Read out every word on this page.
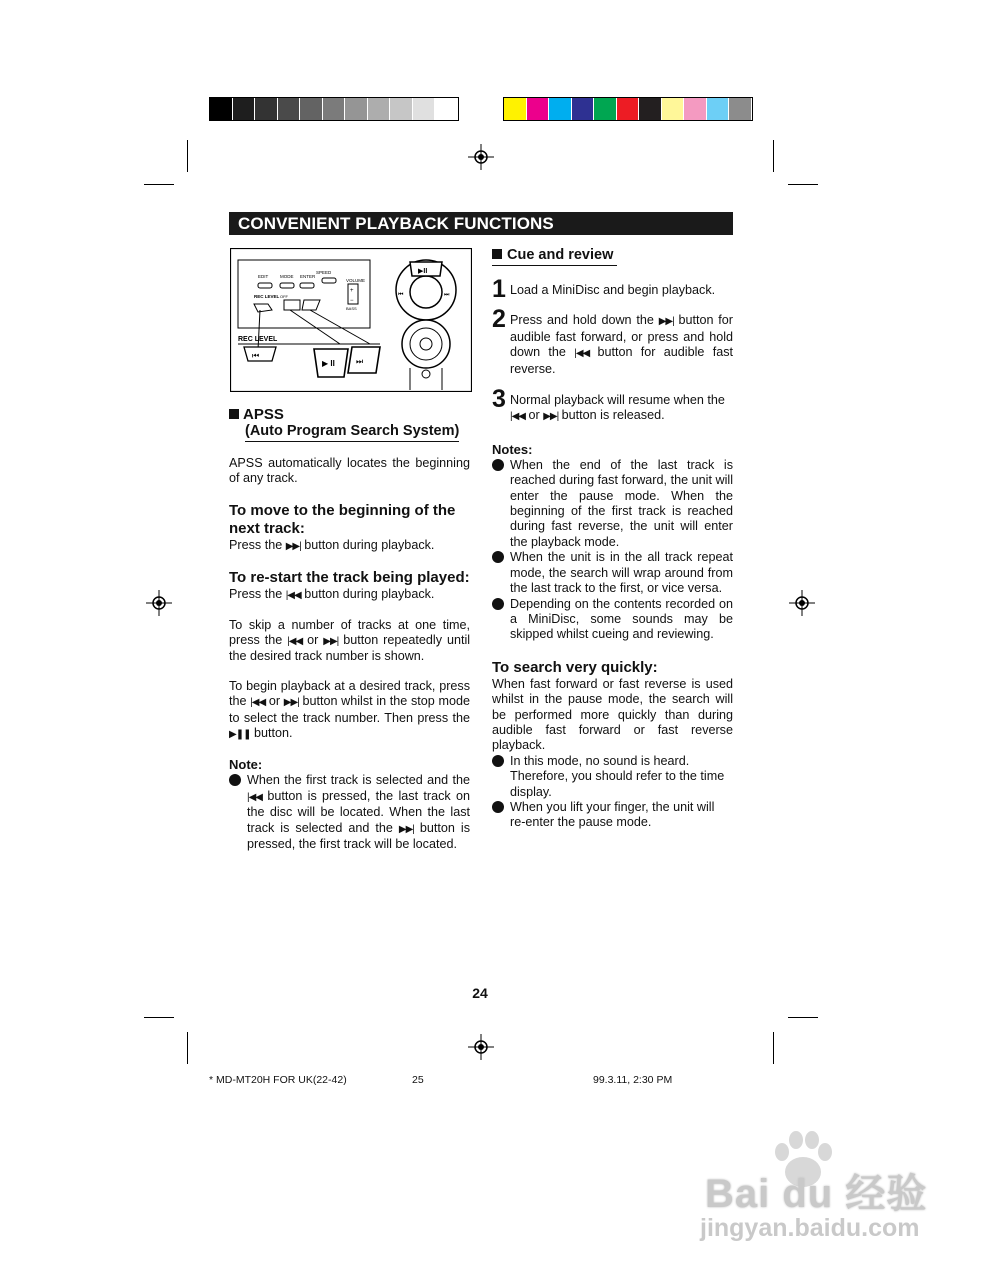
CONVENIENT PLAYBACK FUNCTIONS
EDIT	MODE ENTER
SPEED
VOLUME
REC LEVEL OFF
BASS
+
−
REC LEVEL
⏮
▶ II	⏭
▶II
⏮	⏭
APSS
(Auto Program Search System)
APSS automatically locates the beginning of any track.
To move to the beginning of the next track:
Press the ▶▶| button during playback.
To re-start the track being played:
Press the |◀◀ button during playback.
To skip a number of tracks at one time, press the |◀◀ or ▶▶| button repeatedly until the desired track number is shown.
To begin playback at a desired track, press the |◀◀ or ▶▶| button whilst in the stop mode to select the track number. Then press the ▶❚❚ button.
Note:
When the first track is selected and the |◀◀ button is pressed, the last track on the disc will be located. When the last track is selected and the ▶▶| button is pressed, the first track will be located.
Cue and review
1 Load a MiniDisc and begin playback.
2 Press and hold down the ▶▶| button for audible fast forward, or press and hold down the |◀◀ button for audible fast reverse.
3 Normal playback will resume when the |◀◀ or ▶▶| button is released.
Notes:
When the end of the last track is reached during fast forward, the unit will enter the pause mode. When the beginning of the first track is reached during fast reverse, the unit will enter the playback mode.
When the unit is in the all track repeat mode, the search will wrap around from the last track to the first, or vice versa.
Depending on the contents recorded on a MiniDisc, some sounds may be skipped whilst cueing and reviewing.
To search very quickly:
When fast forward or fast reverse is used whilst in the pause mode, the search will be performed more quickly than during audible fast forward or fast reverse playback.
In this mode, no sound is heard. Therefore, you should refer to the time display.
When you lift your finger, the unit will re-enter the pause mode.
24
* MD-MT20H FOR UK(22-42)	25	99.3.11, 2:30 PM
Bai du 经验
jingyan.baidu.com
